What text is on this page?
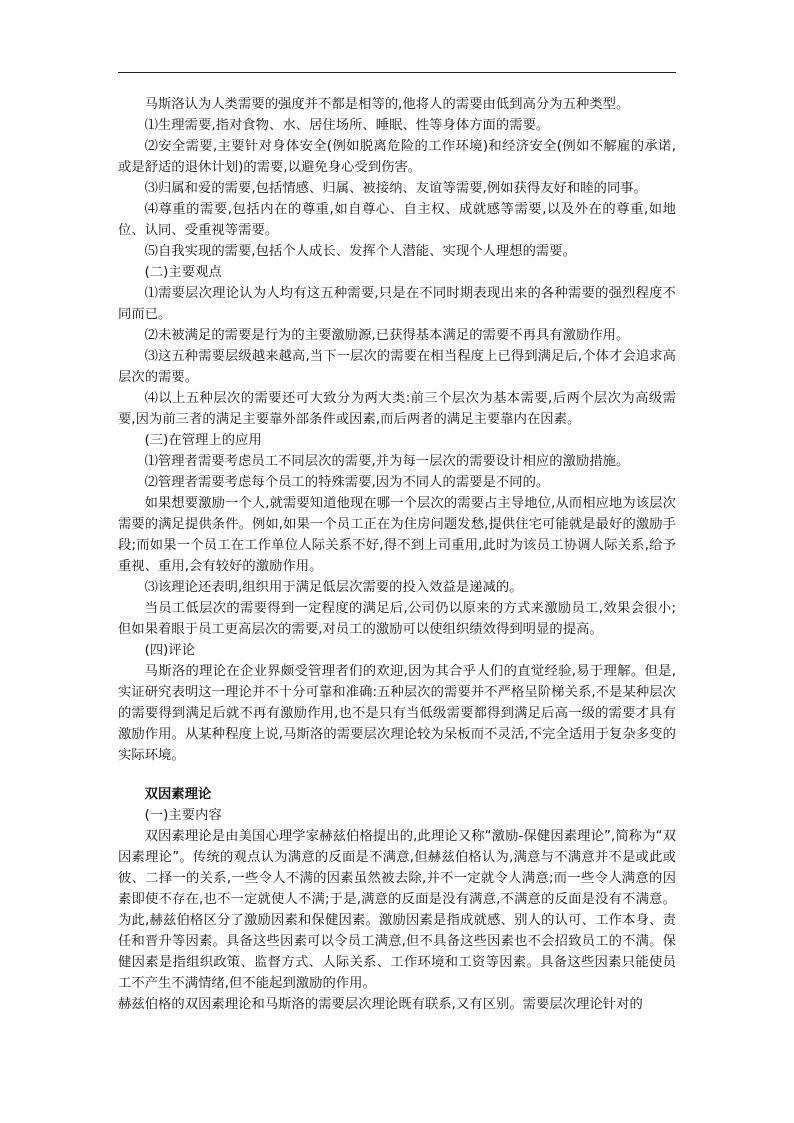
马斯洛认为人类需要的强度并不都是相等的,他将人的需要由低到高分为五种类型。

⑴生理需要,指对食物、水、居住场所、睡眠、性等身体方面的需要。

⑵安全需要,主要针对身体安全(例如脱离危险的工作环境)和经济安全(例如不解雇的承诺,或是舒适的退休计划)的需要,以避免身心受到伤害。

⑶归属和爱的需要,包括情感、归属、被接纳、友谊等需要,例如获得友好和睦的同事。

⑷尊重的需要,包括内在的尊重,如自尊心、自主权、成就感等需要,以及外在的尊重,如地位、认同、受重视等需要。

⑸自我实现的需要,包括个人成长、发挥个人潜能、实现个人理想的需要。

(二)主要观点

⑴需要层次理论认为人均有这五种需要,只是在不同时期表现出来的各种需要的强烈程度不同而已。

⑵未被满足的需要是行为的主要激励源,已获得基本满足的需要不再具有激励作用。

⑶这五种需要层级越来越高,当下一层次的需要在相当程度上已得到满足后,个体才会追求高层次的需要。

⑷以上五种层次的需要还可大致分为两大类:前三个层次为基本需要,后两个层次为高级需要,因为前三者的满足主要靠外部条件或因素,而后两者的满足主要靠内在因素。

(三)在管理上的应用

⑴管理者需要考虑员工不同层次的需要,并为每一层次的需要设计相应的激励措施。

⑵管理者需要考虑每个员工的特殊需要,因为不同人的需要是不同的。

如果想要激励一个人,就需要知道他现在哪一个层次的需要占主导地位,从而相应地为该层次需要的满足提供条件。例如,如果一个员工正在为住房问题发愁,提供住宅可能就是最好的激励手段;而如果一个员工在工作单位人际关系不好,得不到上司重用,此时为该员工协调人际关系,给予重视、重用,会有较好的激励作用。

⑶该理论还表明,组织用于满足低层次需要的投入效益是递减的。

当员工低层次的需要得到一定程度的满足后,公司仍以原来的方式来激励员工,效果会很小;但如果着眼于员工更高层次的需要,对员工的激励可以使组织绩效得到明显的提高。

(四)评论

马斯洛的理论在企业界颇受管理者们的欢迎,因为其合乎人们的直觉经验,易于理解。但是,实证研究表明这一理论并不十分可靠和准确:五种层次的需要并不严格呈阶梯关系,不是某种层次的需要得到满足后就不再有激励作用,也不是只有当低级需要都得到满足后高一级的需要才具有激励作用。从某种程度上说,马斯洛的需要层次理论较为呆板而不灵活,不完全适用于复杂多变的实际环境。

双因素理论

(一)主要内容

双因素理论是由美国心理学家赫兹伯格提出的,此理论又称“激励-保健因素理论”,简称为“双因素理论”。传统的观点认为满意的反面是不满意,但赫兹伯格认为,满意与不满意并不是或此或彼、二择一的关系,一些令人不满的因素虽然被去除,并不一定就令人满意;而一些令人满意的因素即使不存在,也不一定就使人不满;于是,满意的反面是没有满意,不满意的反面是没有不满意。为此,赫兹伯格区分了激励因素和保健因素。激励因素是指成就感、别人的认可、工作本身、责任和晋升等因素。具备这些因素可以令员工满意,但不具备这些因素也不会招致员工的不满。保健因素是指组织政策、监督方式、人际关系、工作环境和工资等因素。具备这些因素只能使员工不产生不满情绪,但不能起到激励的作用。

赫兹伯格的双因素理论和马斯洛的需要层次理论既有联系,又有区别。需要层次理论针对的
